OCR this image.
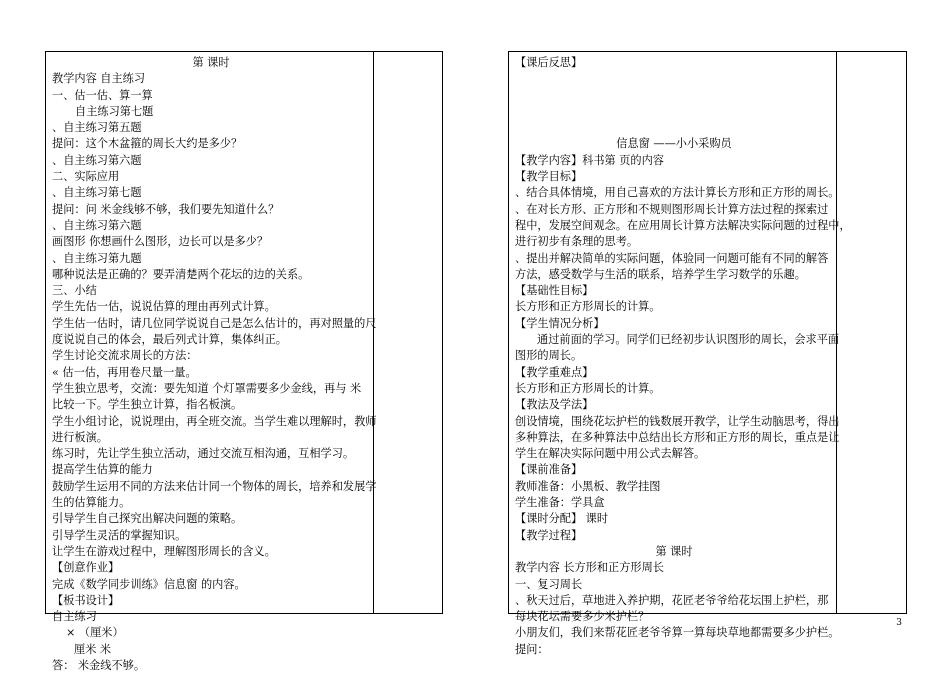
第 课时
教学内容 自主练习
一、估一估、算一算
自主练习第七题
、自主练习第五题
提问：这个木盆箍的周长大约是多少？
、自主练习第六题
二、实际应用
、自主练习第七题
提问：问 米金线够不够，我们要先知道什么？
、自主练习第六题
画图形 你想画什么图形，边长可以是多少？
、自主练习第九题
哪种说法是正确的？要弄清楚两个花坛的边的关系。
三、小结
学生先估一估，说说估算的理由再列式计算。
学生估一估时，请几位同学说说自己是怎么估计的，再对照量的尺
度说说自己的体会，最后列式计算，集体纠正。
学生讨论交流求周长的方法：
« 估一估，再用卷尺量一量。
学生独立思考，交流：要先知道 个灯罩需要多少金线，再与 米
比较一下。学生独立计算，指名板演。
学生小组讨论，说说理由，再全班交流。当学生难以理解时，教师
进行板演。
练习时，先让学生独立活动，通过交流互相沟通，互相学习。
提高学生估算的能力
鼓励学生运用不同的方法来估计同一个物体的周长，培养和发展学
生的估算能力。
引导学生自己探究出解决问题的策略。
引导学生灵活的掌握知识。
让学生在游戏过程中，理解图形周长的含义。
【创意作业】
完成《数学同步训练》信息窗 的内容。
【板书设计】
自主练习
× （厘米）
厘米 米
答： 米金线不够。
【课后反思】
信息窗 ——小小采购员
【教学内容】科书第 页的内容
【教学目标】
、结合具体情境，用自己喜欢的方法计算长方形和正方形的周长。
、在对长方形、正方形和不规则图形周长计算方法过程的探索过
程中，发展空间观念。在应用周长计算方法解决实际问题的过程中，
进行初步有条理的思考。
、提出并解决简单的实际问题，体验同一问题可能有不同的解答
方法，感受数学与生活的联系，培养学生学习数学的乐趣。
【基础性目标】
长方形和正方形周长的计算。
【学生情况分析】
通过前面的学习。同学们已经初步认识图形的周长，会求平面
图形的周长。
【教学重难点】
长方形和正方形周长的计算。
【教法及学法】
创设情境，围绕花坛护栏的钱数展开教学，让学生动脑思考，得出
多种算法，在多种算法中总结出长方形和正方形的周长，重点是让
学生在解决实际问题中用公式去解答。
【课前准备】
教师准备：小黑板、教学挂图
学生准备：学具盒
【课时分配】 课时
【教学过程】
第 课时
教学内容 长方形和正方形周长
一、复习周长
、秋天过后，草地进入养护期，花匠老爷爷给花坛围上护栏，那
每块花坛需要多少米护栏？
小朋友们，我们来帮花匠老爷爷算一算每块草地都需要多少护栏。
提问：
3
